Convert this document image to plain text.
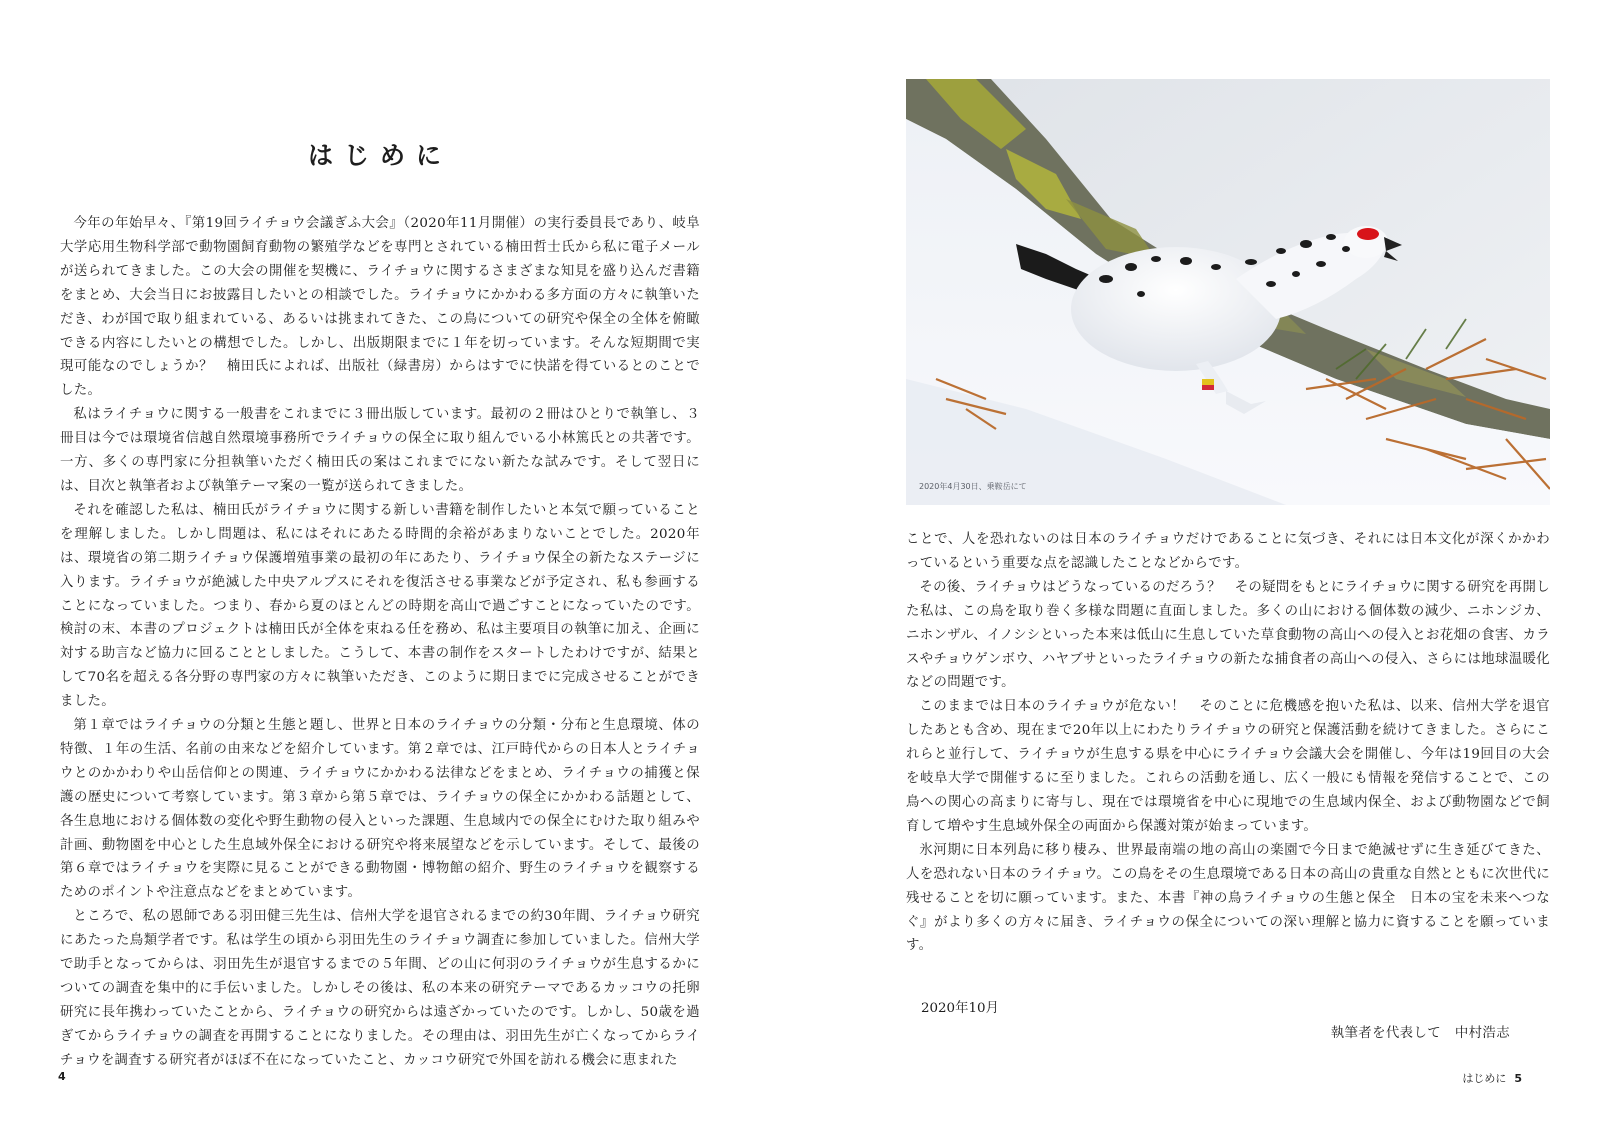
はじめに

今年の年始早々、『第19回ライチョウ会議ぎふ大会』（2020年11月開催）の実行委員長であり、岐阜大学応用生物科学部で動物園飼育動物の繁殖学などを専門とされている楠田哲士氏から私に電子メールが送られてきました。この大会の開催を契機に、ライチョウに関するさまざまな知見を盛り込んだ書籍をまとめ、大会当日にお披露目したいとの相談でした。ライチョウにかかわる多方面の方々に執筆いただき、わが国で取り組まれている、あるいは挑まれてきた、この鳥についての研究や保全の全体を俯瞰できる内容にしたいとの構想でした。しかし、出版期限までに１年を切っています。そんな短期間で実現可能なのでしょうか？　楠田氏によれば、出版社（緑書房）からはすでに快諾を得ているとのことでした。

私はライチョウに関する一般書をこれまでに３冊出版しています。最初の２冊はひとりで執筆し、３冊目は今では環境省信越自然環境事務所でライチョウの保全に取り組んでいる小林篤氏との共著です。一方、多くの専門家に分担執筆いただく楠田氏の案はこれまでにない新たな試みです。そして翌日には、目次と執筆者および執筆テーマ案の一覧が送られてきました。

それを確認した私は、楠田氏がライチョウに関する新しい書籍を制作したいと本気で願っていることを理解しました。しかし問題は、私にはそれにあたる時間的余裕があまりないことでした。2020年は、環境省の第二期ライチョウ保護増殖事業の最初の年にあたり、ライチョウ保全の新たなステージに入ります。ライチョウが絶滅した中央アルプスにそれを復活させる事業などが予定され、私も参画することになっていました。つまり、春から夏のほとんどの時期を高山で過ごすことになっていたのです。検討の末、本書のプロジェクトは楠田氏が全体を束ねる任を務め、私は主要項目の執筆に加え、企画に対する助言など協力に回ることとしました。こうして、本書の制作をスタートしたわけですが、結果として70名を超える各分野の専門家の方々に執筆いただき、このように期日までに完成させることができました。

第１章ではライチョウの分類と生態と題し、世界と日本のライチョウの分類・分布と生息環境、体の特徴、１年の生活、名前の由来などを紹介しています。第２章では、江戸時代からの日本人とライチョウとのかかわりや山岳信仰との関連、ライチョウにかかわる法律などをまとめ、ライチョウの捕獲と保護の歴史について考察しています。第３章から第５章では、ライチョウの保全にかかわる話題として、各生息地における個体数の変化や野生動物の侵入といった課題、生息域内での保全にむけた取り組みや計画、動物園を中心とした生息域外保全における研究や将来展望などを示しています。そして、最後の第６章ではライチョウを実際に見ることができる動物園・博物館の紹介、野生のライチョウを観察するためのポイントや注意点などをまとめています。

ところで、私の恩師である羽田健三先生は、信州大学を退官されるまでの約30年間、ライチョウ研究にあたった鳥類学者です。私は学生の頃から羽田先生のライチョウ調査に参加していました。信州大学で助手となってからは、羽田先生が退官するまでの５年間、どの山に何羽のライチョウが生息するかについての調査を集中的に手伝いました。しかしその後は、私の本来の研究テーマであるカッコウの托卵研究に長年携わっていたことから、ライチョウの研究からは遠ざかっていたのです。しかし、50歳を過ぎてからライチョウの調査を再開することになりました。その理由は、羽田先生が亡くなってからライチョウを調査する研究者がほぼ不在になっていたこと、カッコウ研究で外国を訪れる機会に恵まれた

4
2020年4月30日、乗鞍岳にて

ことで、人を恐れないのは日本のライチョウだけであることに気づき、それには日本文化が深くかかわっているという重要な点を認識したことなどからです。

その後、ライチョウはどうなっているのだろう？　その疑問をもとにライチョウに関する研究を再開した私は、この鳥を取り巻く多様な問題に直面しました。多くの山における個体数の減少、ニホンジカ、ニホンザル、イノシシといった本来は低山に生息していた草食動物の高山への侵入とお花畑の食害、カラスやチョウゲンボウ、ハヤブサといったライチョウの新たな捕食者の高山への侵入、さらには地球温暖化などの問題です。

このままでは日本のライチョウが危ない！　そのことに危機感を抱いた私は、以来、信州大学を退官したあとも含め、現在まで20年以上にわたりライチョウの研究と保護活動を続けてきました。さらにこれらと並行して、ライチョウが生息する県を中心にライチョウ会議大会を開催し、今年は19回目の大会を岐阜大学で開催するに至りました。これらの活動を通し、広く一般にも情報を発信することで、この鳥への関心の高まりに寄与し、現在では環境省を中心に現地での生息域内保全、および動物園などで飼育して増やす生息域外保全の両面から保護対策が始まっています。

氷河期に日本列島に移り棲み、世界最南端の地の高山の楽園で今日まで絶滅せずに生き延びてきた、人を恐れない日本のライチョウ。この鳥をその生息環境である日本の高山の貴重な自然とともに次世代に残せることを切に願っています。また、本書『神の鳥ライチョウの生態と保全　日本の宝を未来へつなぐ』がより多くの方々に届き、ライチョウの保全についての深い理解と協力に資することを願っています。

2020年10月
執筆者を代表して　中村浩志
はじめに 5
